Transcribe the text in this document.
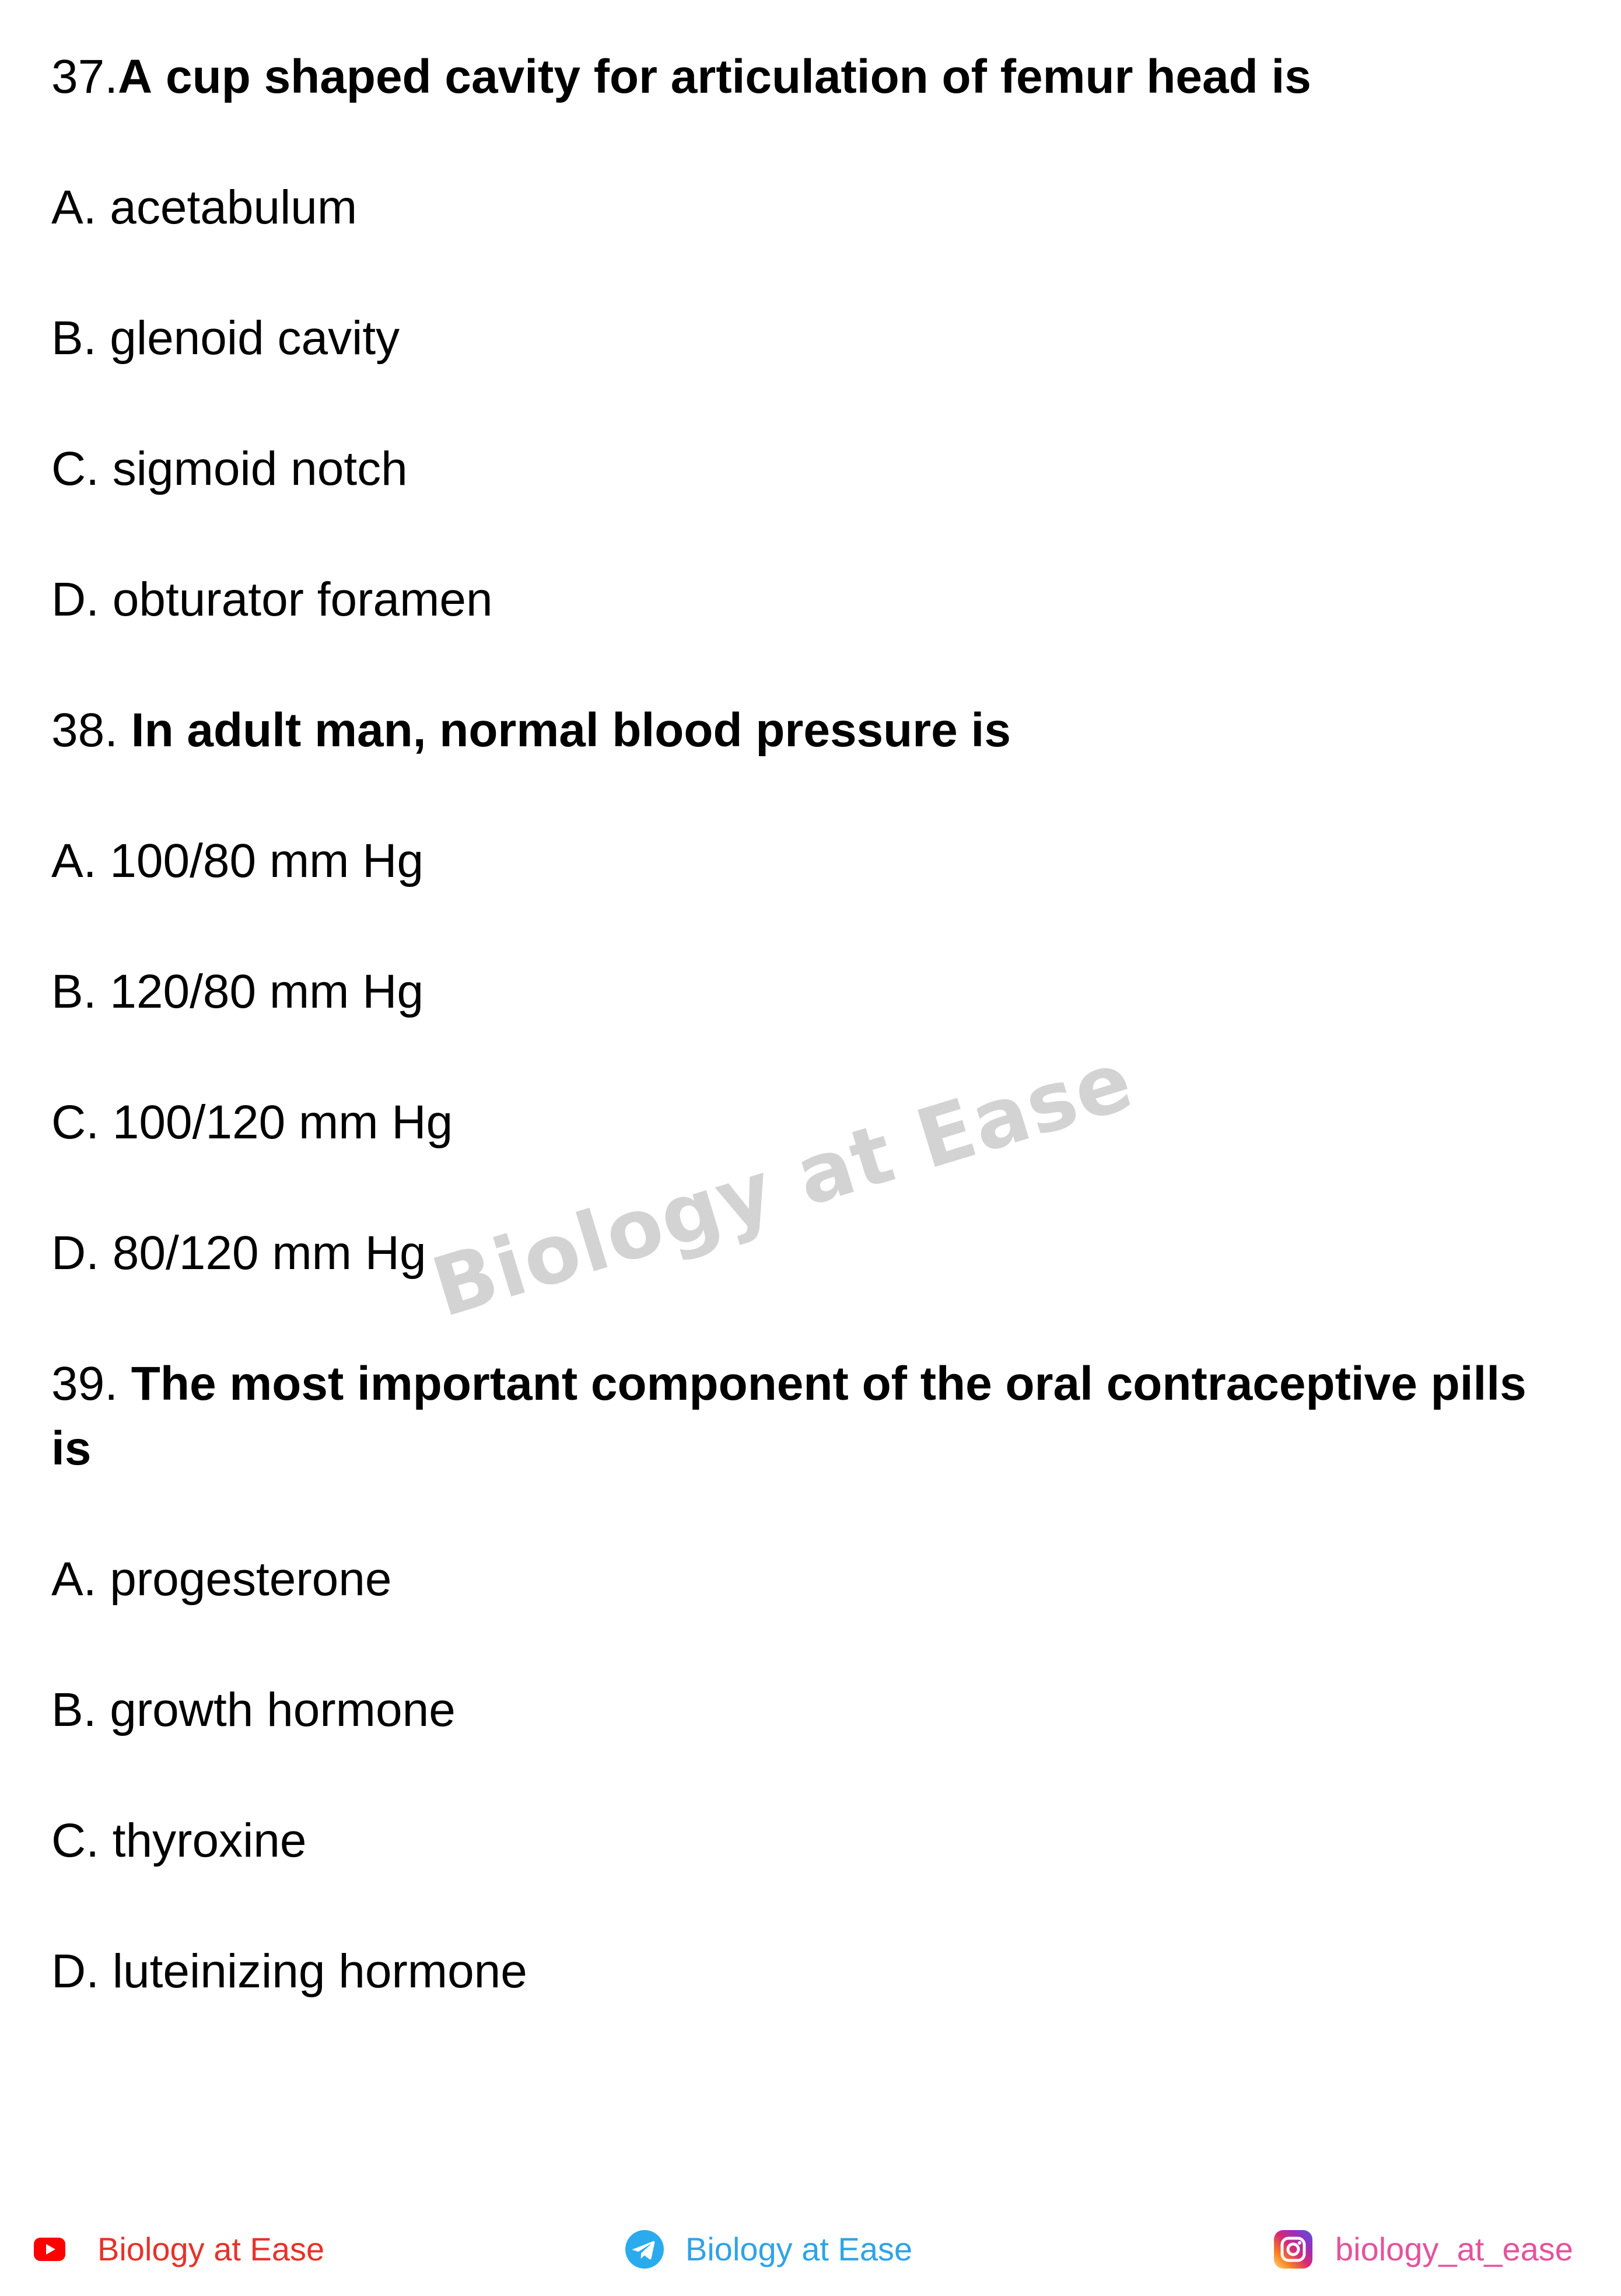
Biology at Ease

37.A cup shaped cavity for articulation of femur head is

A. acetabulum

B. glenoid cavity

C. sigmoid notch

D. obturator foramen

38. In adult man, normal blood pressure is

A. 100/80 mm Hg

B. 120/80 mm Hg

C. 100/120 mm Hg

D. 80/120 mm Hg

39. The most important component of the oral contraceptive pills is

A. progesterone

B. growth hormone

C. thyroxine

D. luteinizing hormone

Biology at Ease	Biology at Ease	biology_at_ease
